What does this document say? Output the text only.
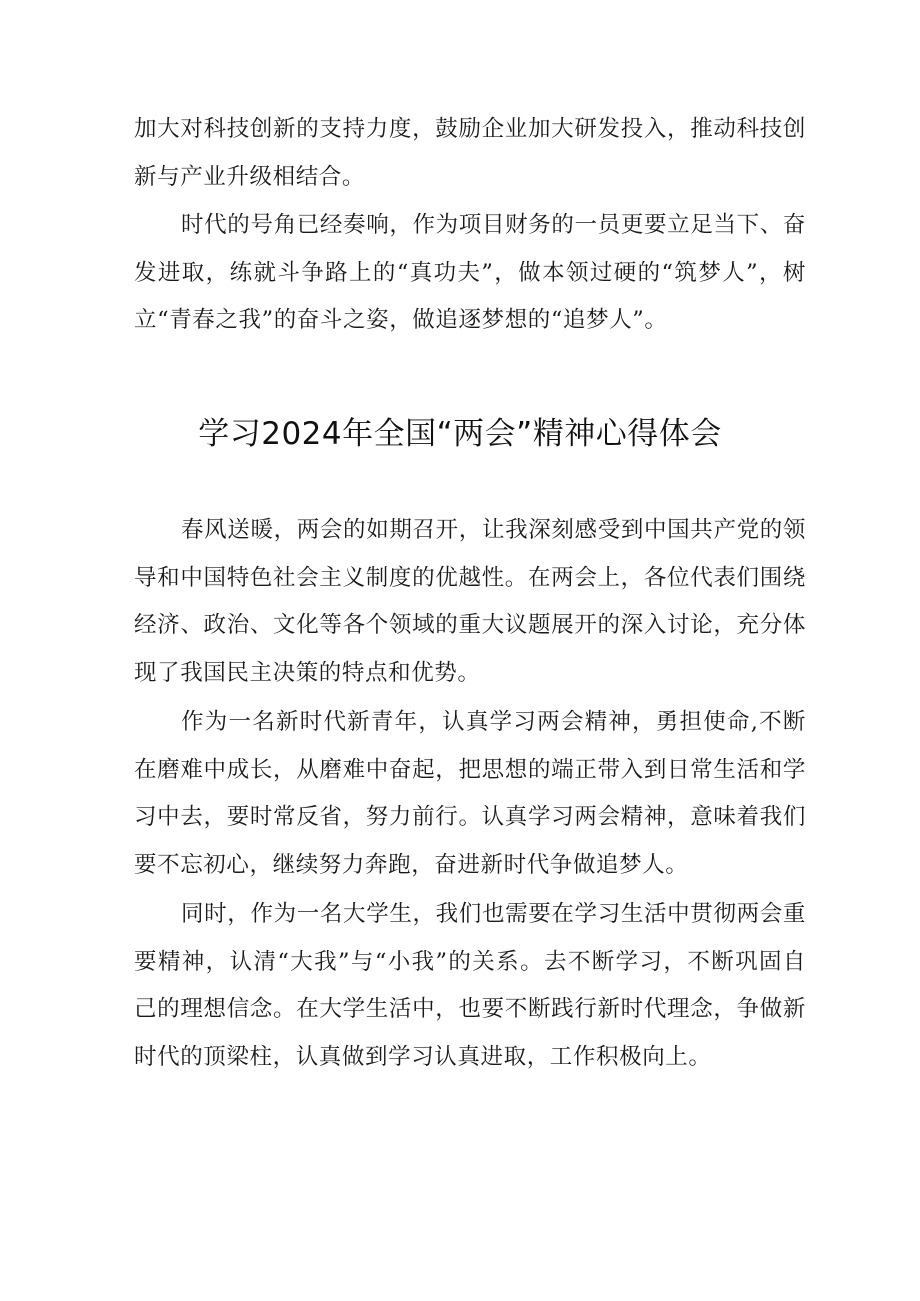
加大对科技创新的支持力度，鼓励企业加大研发投入，推动科技创新与产业升级相结合。

时代的号角已经奏响，作为项目财务的一员更要立足当下、奋发进取，练就斗争路上的“真功夫”，做本领过硬的“筑梦人”，树立“青春之我”的奋斗之姿，做追逐梦想的“追梦人”。

学习2024年全国“两会”精神心得体会

春风送暖，两会的如期召开，让我深刻感受到中国共产党的领导和中国特色社会主义制度的优越性。在两会上，各位代表们围绕经济、政治、文化等各个领域的重大议题展开的深入讨论，充分体现了我国民主决策的特点和优势。

作为一名新时代新青年，认真学习两会精神，勇担使命,不断在磨难中成长，从磨难中奋起，把思想的端正带入到日常生活和学习中去，要时常反省，努力前行。认真学习两会精神，意味着我们要不忘初心，继续努力奔跑，奋进新时代争做追梦人。

同时，作为一名大学生，我们也需要在学习生活中贯彻两会重要精神，认清“大我”与“小我”的关系。去不断学习，不断巩固自己的理想信念。在大学生活中，也要不断践行新时代理念，争做新时代的顶梁柱，认真做到学习认真进取，工作积极向上。
